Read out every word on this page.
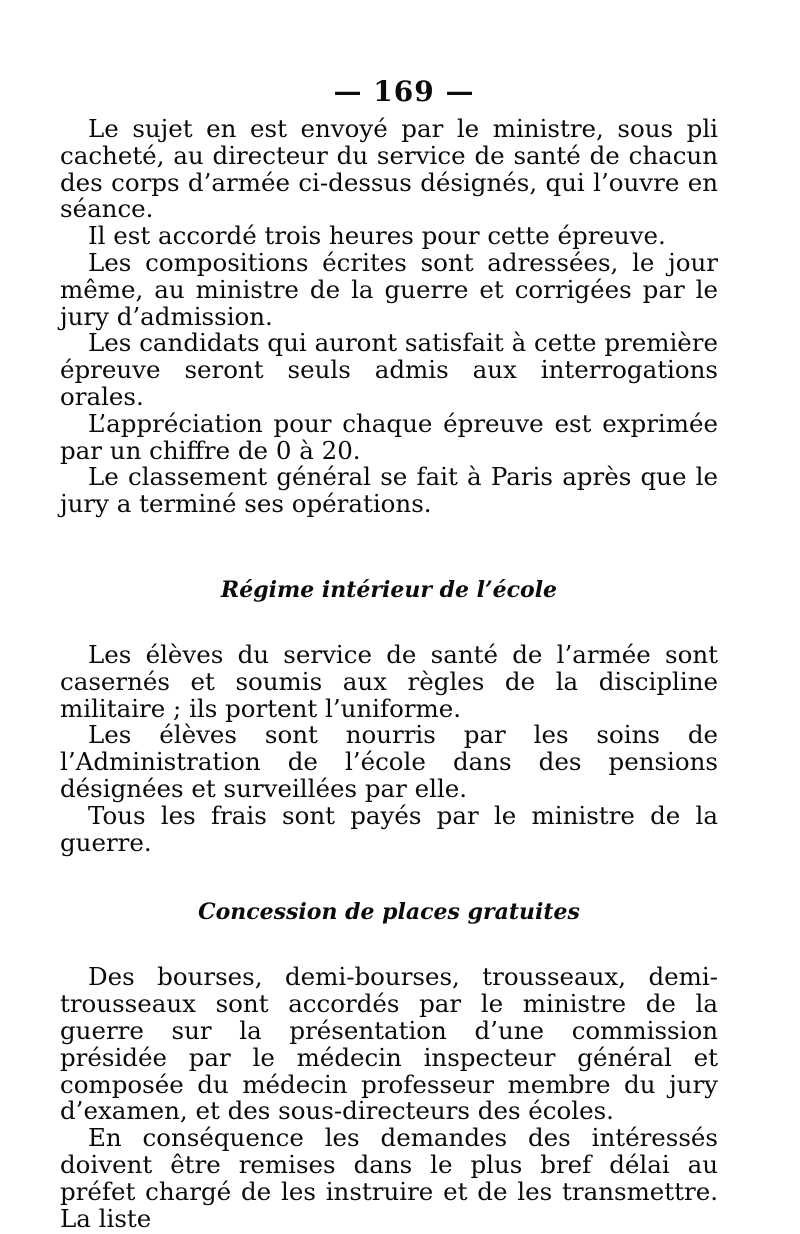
— 169 —

Le sujet en est envoyé par le ministre, sous pli cacheté, au directeur du service de santé de chacun des corps d’armée ci-dessus désignés, qui l’ouvre en séance.

Il est accordé trois heures pour cette épreuve.

Les compositions écrites sont adressées, le jour même, au ministre de la guerre et corrigées par le jury d’admission.

Les candidats qui auront satisfait à cette première épreuve seront seuls admis aux interrogations orales.

L’appréciation pour chaque épreuve est exprimée par un chiffre de 0 à 20.

Le classement général se fait à Paris après que le jury a terminé ses opérations.

Régime intérieur de l’école

Les élèves du service de santé de l’armée sont casernés et soumis aux règles de la discipline militaire ; ils portent l’uniforme.

Les élèves sont nourris par les soins de l’Administration de l’école dans des pensions désignées et surveillées par elle.

Tous les frais sont payés par le ministre de la guerre.

Concession de places gratuites

Des bourses, demi-bourses, trousseaux, demi-trousseaux sont accordés par le ministre de la guerre sur la présentation d’une commission présidée par le médecin inspecteur général et composée du médecin professeur membre du jury d’examen, et des sous-directeurs des écoles.

En conséquence les demandes des intéressés doivent être remises dans le plus bref délai au préfet chargé de les instruire et de les transmettre. La liste
